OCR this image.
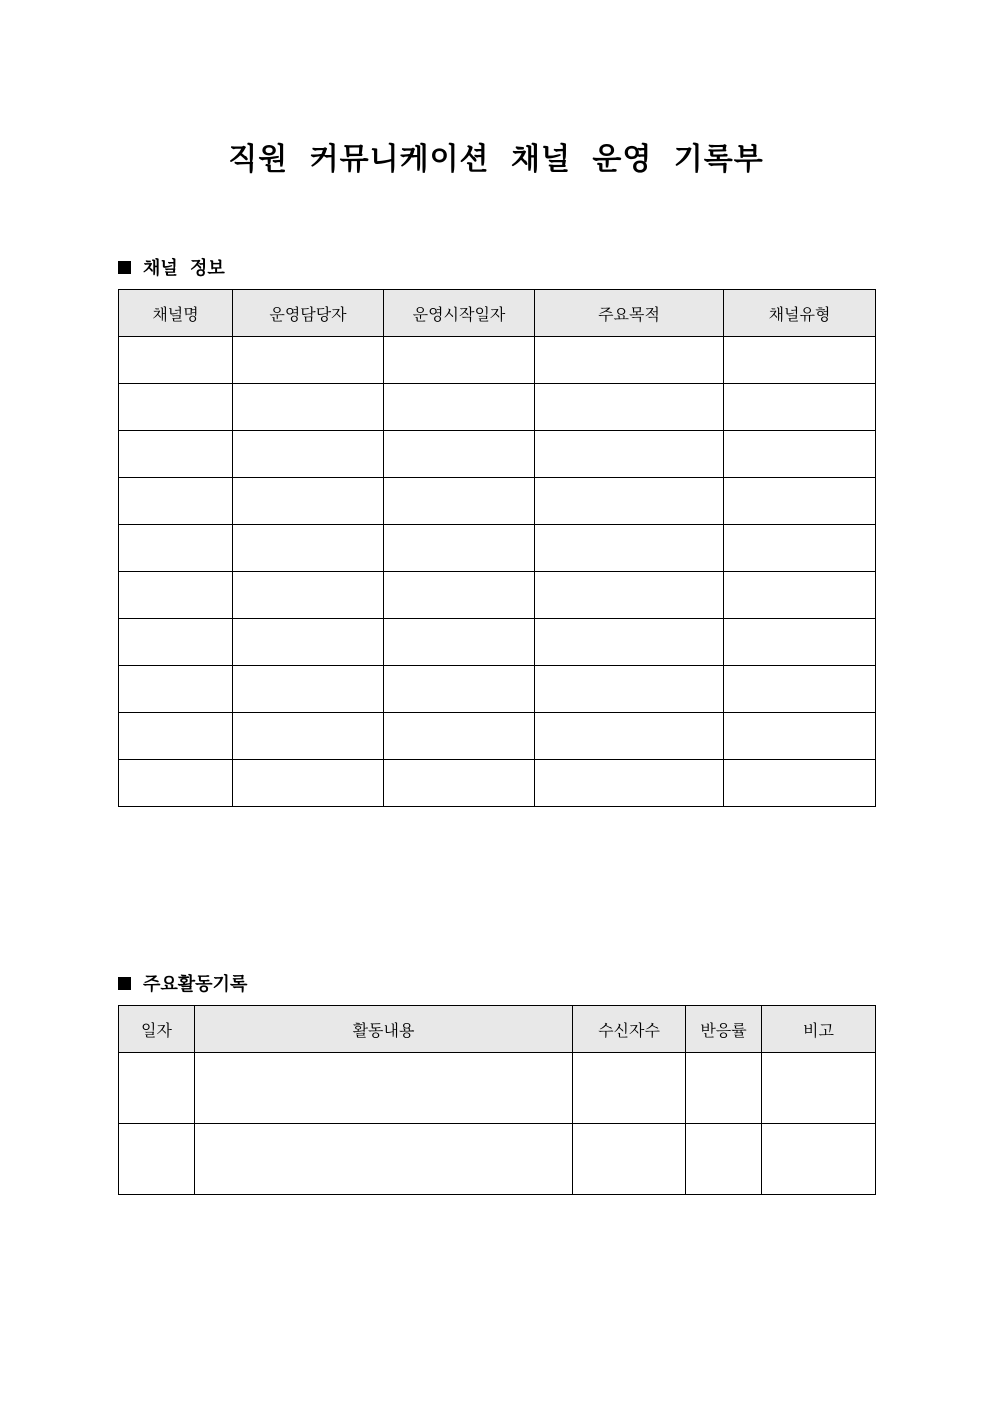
직원 커뮤니케이션 채널 운영 기록부
채널 정보
채널명	운영담당자	운영시작일자	주요목적	채널유형

주요활동기록
일자	활동내용	수신자수	반응률	비고
